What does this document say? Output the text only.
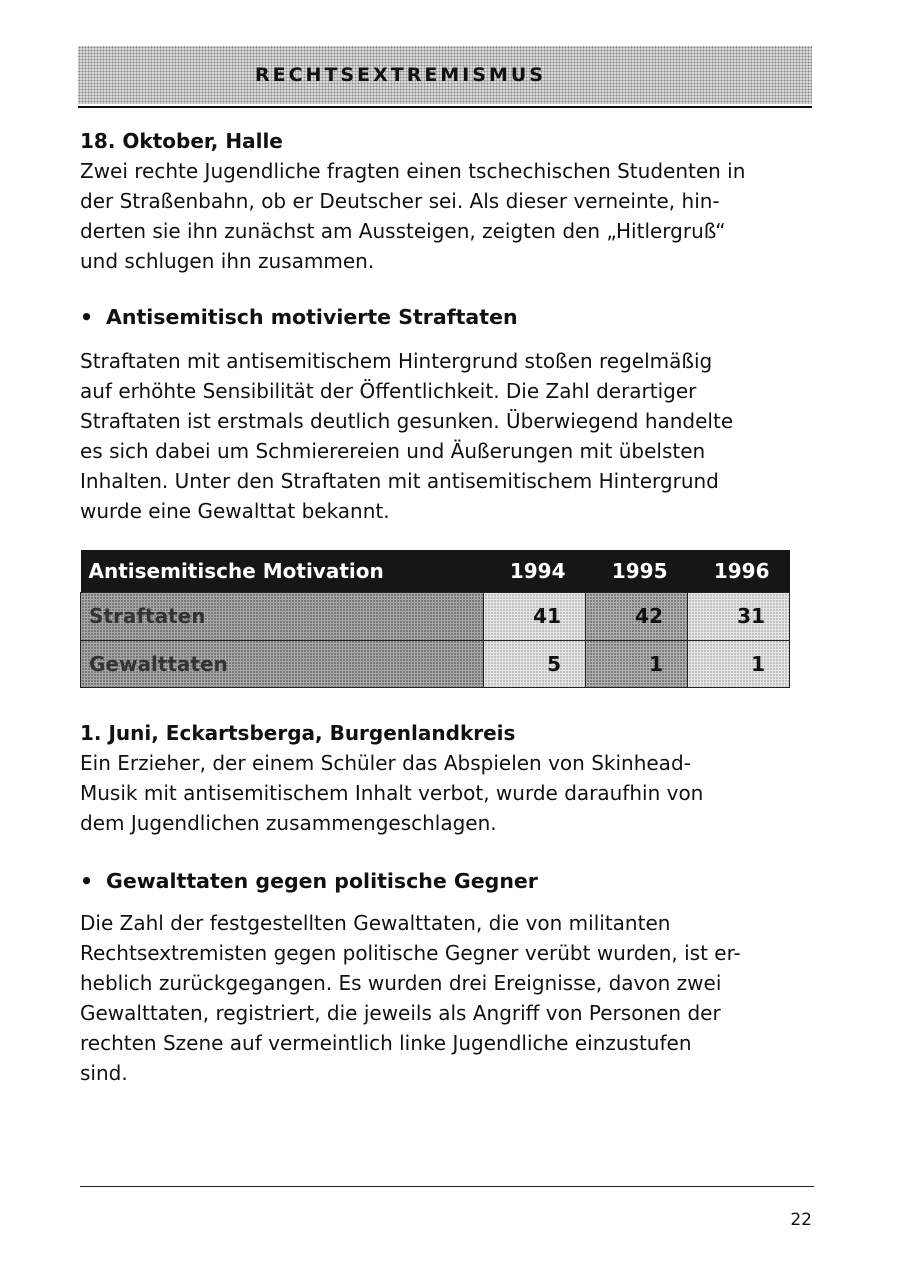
RECHTSEXTREMISMUS

18. Oktober, Halle

Zwei rechte Jugendliche fragten einen tschechischen Studenten in
der Straßenbahn, ob er Deutscher sei. Als dieser verneinte, hin-
derten sie ihn zunächst am Aussteigen, zeigten den „Hitlergruß“
und schlugen ihn zusammen.

• Antisemitisch motivierte Straftaten

Straftaten mit antisemitischem Hintergrund stoßen regelmäßig
auf erhöhte Sensibilität der Öffentlichkeit. Die Zahl derartiger
Straftaten ist erstmals deutlich gesunken. Überwiegend handelte
es sich dabei um Schmierereien und Äußerungen mit übelsten
Inhalten. Unter den Straftaten mit antisemitischem Hintergrund
wurde eine Gewalttat bekannt.
Antisemitische Motivation	1994	1995	1996
Straftaten	41	42	31
Gewalttaten	5	1	1

1. Juni, Eckartsberga, Burgenlandkreis

Ein Erzieher, der einem Schüler das Abspielen von Skinhead-
Musik mit antisemitischem Inhalt verbot, wurde daraufhin von
dem Jugendlichen zusammengeschlagen.

• Gewalttaten gegen politische Gegner

Die Zahl der festgestellten Gewalttaten, die von militanten
Rechtsextremisten gegen politische Gegner verübt wurden, ist er-
heblich zurückgegangen. Es wurden drei Ereignisse, davon zwei
Gewalttaten, registriert, die jeweils als Angriff von Personen der
rechten Szene auf vermeintlich linke Jugendliche einzustufen
sind.
22
